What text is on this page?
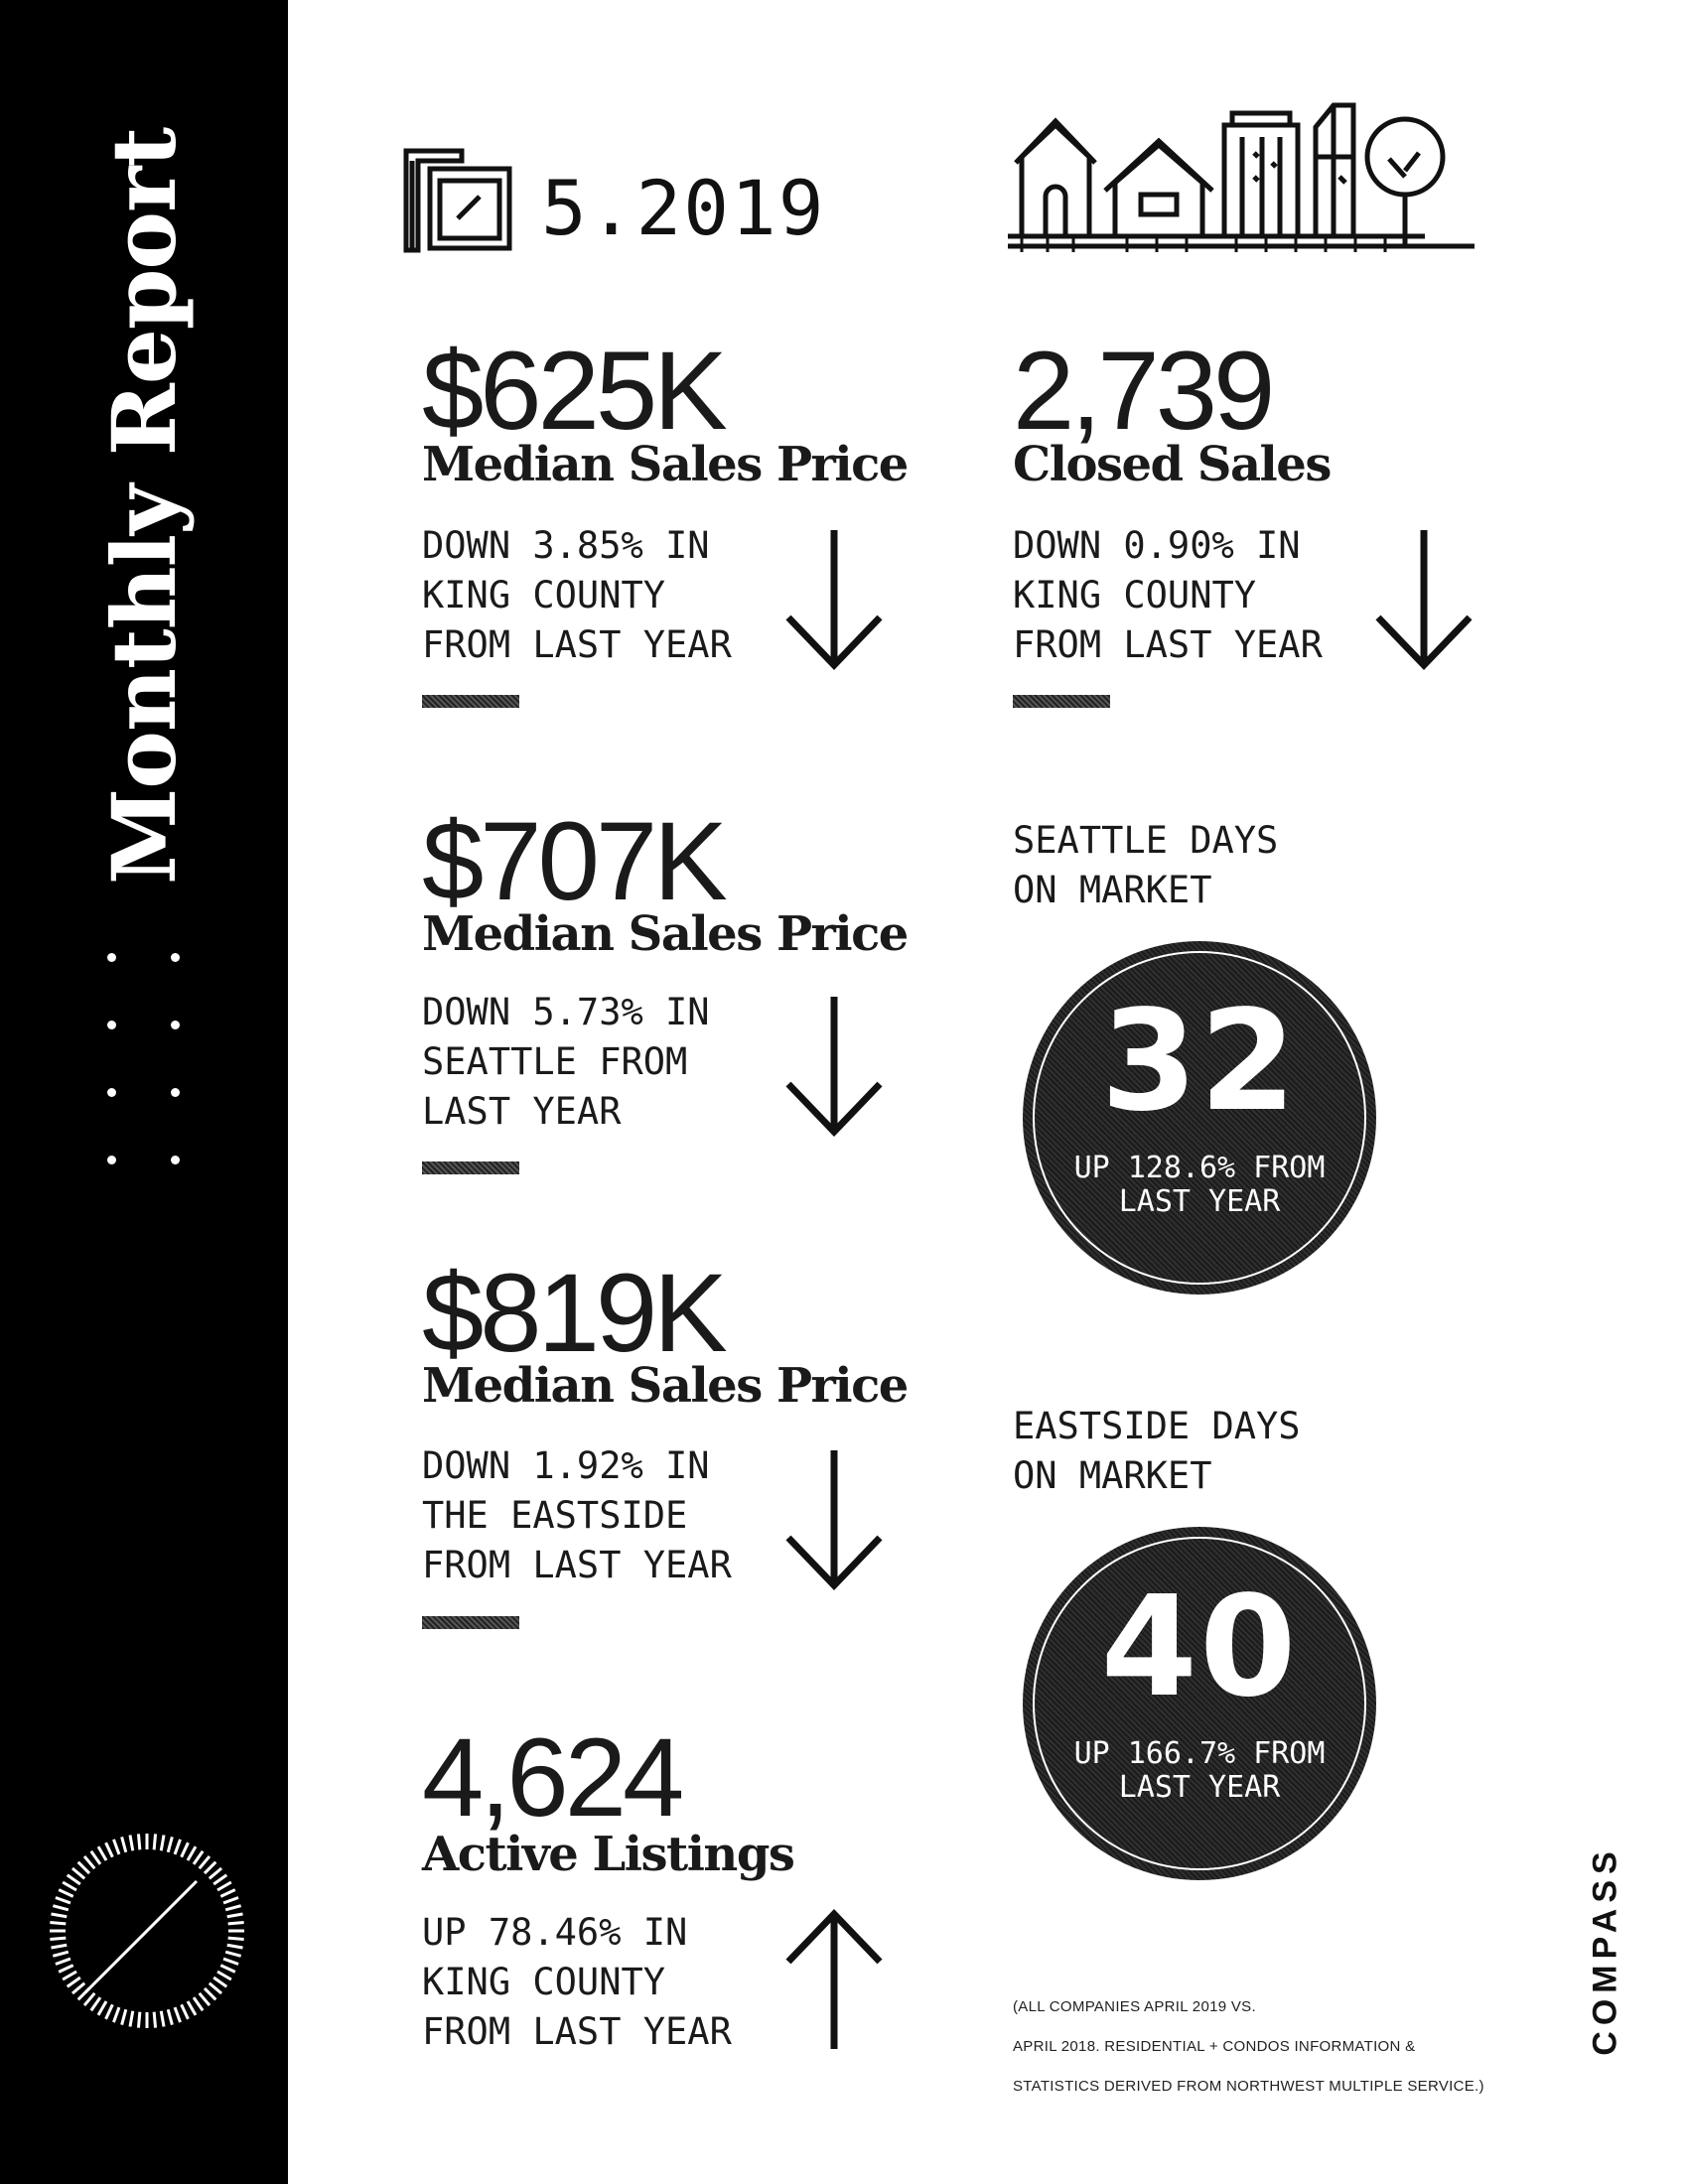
Monthly Report	5.2019
$625K
Median Sales Price
DOWN 3.85% IN
KING COUNTY
FROM LAST YEAR
2,739
Closed Sales
DOWN 0.90% IN
KING COUNTY
FROM LAST YEAR
$707K
Median Sales Price
DOWN 5.73% IN
SEATTLE FROM
LAST YEAR
$819K
Median Sales Price
DOWN 1.92% IN
THE EASTSIDE
FROM LAST YEAR
4,624
Active Listings
UP 78.46% IN
KING COUNTY
FROM LAST YEAR
SEATTLE DAYS
ON MARKET
32
UP 128.6% FROM
LAST YEAR
EASTSIDE DAYS
ON MARKET
40
UP 166.7% FROM
LAST YEAR
(ALL COMPANIES APRIL 2019 VS.
APRIL 2018. RESIDENTIAL + CONDOS INFORMATION &
STATISTICS DERIVED FROM NORTHWEST MULTIPLE SERVICE.)
COMPASS
